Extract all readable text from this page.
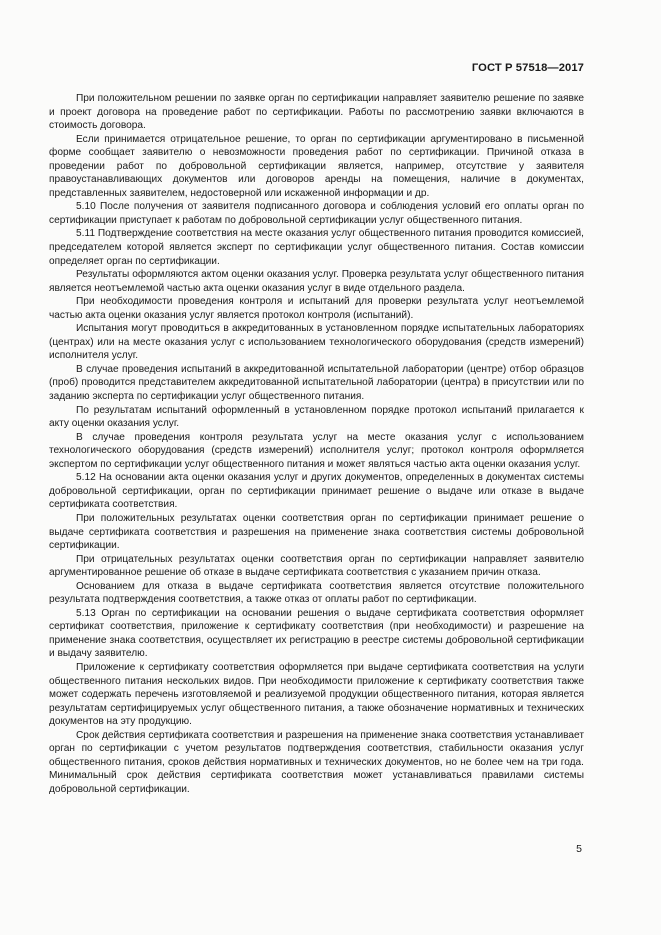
ГОСТ Р 57518—2017

При положительном решении по заявке орган по сертификации направляет заявителю решение по заявке и проект договора на проведение работ по сертификации. Работы по рассмотрению заявки включаются в стоимость договора.

Если принимается отрицательное решение, то орган по сертификации аргументировано в письменной форме сообщает заявителю о невозможности проведения работ по сертификации. Причиной отказа в проведении работ по добровольной сертификации является, например, отсутствие у заявителя правоустанавливающих документов или договоров аренды на помещения, наличие в документах, представленных заявителем, недостоверной или искаженной информации и др.

5.10 После получения от заявителя подписанного договора и соблюдения условий его оплаты орган по сертификации приступает к работам по добровольной сертификации услуг общественного питания.

5.11 Подтверждение соответствия на месте оказания услуг общественного питания проводится комиссией, председателем которой является эксперт по сертификации услуг общественного питания. Состав комиссии определяет орган по сертификации.

Результаты оформляются актом оценки оказания услуг. Проверка результата услуг общественного питания является неотъемлемой частью акта оценки оказания услуг в виде отдельного раздела.

При необходимости проведения контроля и испытаний для проверки результата услуг неотъемлемой частью акта оценки оказания услуг является протокол контроля (испытаний).

Испытания могут проводиться в аккредитованных в установленном порядке испытательных лабораториях (центрах) или на месте оказания услуг с использованием технологического оборудования (средств измерений) исполнителя услуг.

В случае проведения испытаний в аккредитованной испытательной лаборатории (центре) отбор образцов (проб) проводится представителем аккредитованной испытательной лаборатории (центра) в присутствии или по заданию эксперта по сертификации услуг общественного питания.

По результатам испытаний оформленный в установленном порядке протокол испытаний прилагается к акту оценки оказания услуг.

В случае проведения контроля результата услуг на месте оказания услуг с использованием технологического оборудования (средств измерений) исполнителя услуг; протокол контроля оформляется экспертом по сертификации услуг общественного питания и может являться частью акта оценки оказания услуг.

5.12 На основании акта оценки оказания услуг и других документов, определенных в документах системы добровольной сертификации, орган по сертификации принимает решение о выдаче или отказе в выдаче сертификата соответствия.

При положительных результатах оценки соответствия орган по сертификации принимает решение о выдаче сертификата соответствия и разрешения на применение знака соответствия системы добровольной сертификации.

При отрицательных результатах оценки соответствия орган по сертификации направляет заявителю аргументированное решение об отказе в выдаче сертификата соответствия с указанием причин отказа.

Основанием для отказа в выдаче сертификата соответствия является отсутствие положительного результата подтверждения соответствия, а также отказ от оплаты работ по сертификации.

5.13 Орган по сертификации на основании решения о выдаче сертификата соответствия оформляет сертификат соответствия, приложение к сертификату соответствия (при необходимости) и разрешение на применение знака соответствия, осуществляет их регистрацию в реестре системы добровольной сертификации и выдачу заявителю.

Приложение к сертификату соответствия оформляется при выдаче сертификата соответствия на услуги общественного питания нескольких видов. При необходимости приложение к сертификату соответствия также может содержать перечень изготовляемой и реализуемой продукции общественного питания, которая является результатам сертифицируемых услуг общественного питания, а также обозначение нормативных и технических документов на эту продукцию.

Срок действия сертификата соответствия и разрешения на применение знака соответствия устанавливает орган по сертификации с учетом результатов подтверждения соответствия, стабильности оказания услуг общественного питания, сроков действия нормативных и технических документов, но не более чем на три года. Минимальный срок действия сертификата соответствия может устанавливаться правилами системы добровольной сертификации.

5
